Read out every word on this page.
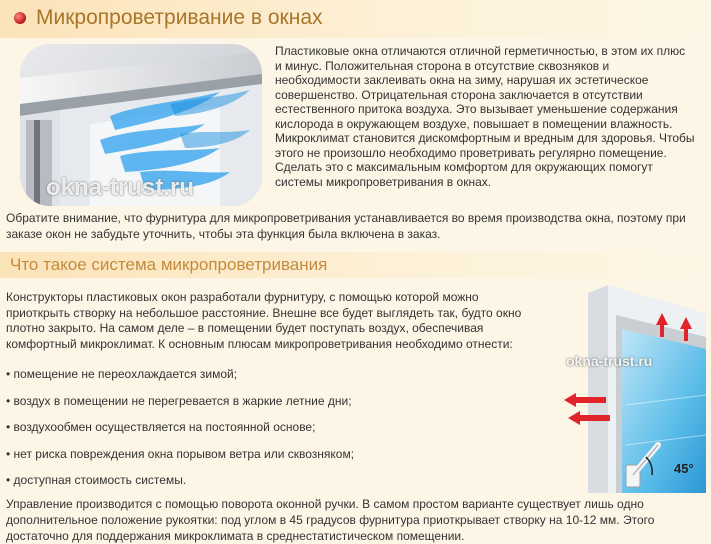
Микропроветривание в окнах
okna-trust.ru
Пластиковые окна отличаются отличной герметичностью, в этом их плюс
и минус. Положительная сторона в отсутствие сквозняков и
необходимости заклеивать окна на зиму, нарушая их эстетическое
совершенство. Отрицательная сторона заключается в отсутствии
естественного притока воздуха. Это вызывает уменьшение содержания
кислорода в окружающем воздухе, повышает в помещении влажность.
Микроклимат становится дискомфортным и вредным для здоровья. Чтобы
этого не произошло необходимо проветривать регулярно помещение.
Сделать это с максимальным комфортом для окружающих помогут
системы микропроветривания в окнах.
Обратите внимание, что фурнитура для микропроветривания устанавливается во время производства окна, поэтому при
заказе окон не забудьте уточнить, чтобы эта функция была включена в заказ.
Что такое система микропроветривания
Конструкторы пластиковых окон разработали фурнитуру, с помощью которой можно
приоткрыть створку на небольшое расстояние. Внешне все будет выглядеть так, будто окно
плотно закрыто. На самом деле – в помещении будет поступать воздух, обеспечивая
комфортный микроклимат. К основным плюсам микропроветривания необходимо отнести:
• помещение не переохлаждается зимой;
• воздух в помещении не перегревается в жаркие летние дни;
• воздухообмен осуществляется на постоянной основе;
• нет риска повреждения окна порывом ветра или сквозняком;
• доступная стоимость системы.
okna-trust.ru
45°
Управление производится с помощью поворота оконной ручки. В самом простом варианте существует лишь одно
дополнительное положение рукоятки: под углом в 45 градусов фурнитура приоткрывает створку на 10-12 мм. Этого
достаточно для поддержания микроклимата в среднестатистическом помещении.
